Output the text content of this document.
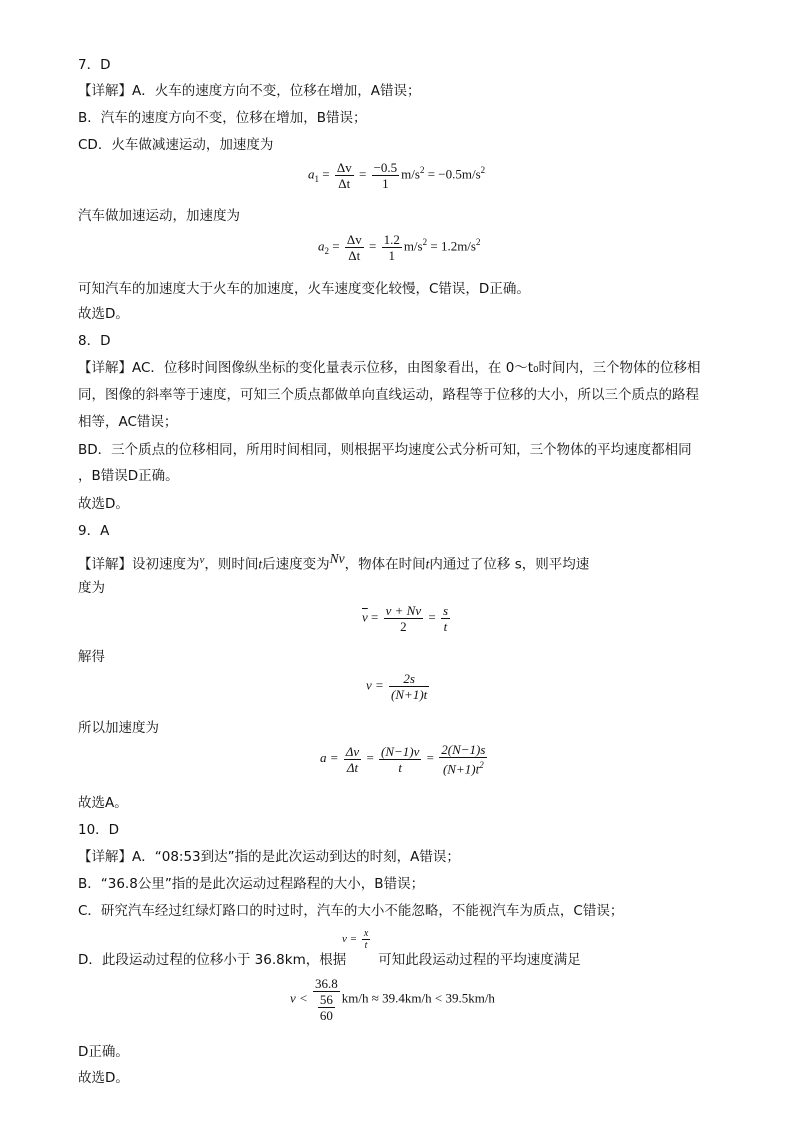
7．D
【详解】A．火车的速度方向不变，位移在增加，A错误；
B．汽车的速度方向不变，位移在增加，B错误；
CD．火车做减速运动，加速度为
$a_1 = \frac{\Delta v}{\Delta t} = \frac{-0.5}{1} m/s^2 = -0.5m/s^2$
汽车做加速运动，加速度为
$a_2 = \frac{\Delta v}{\Delta t} = \frac{1.2}{1} m/s^2 = 1.2m/s^2$
可知汽车的加速度大于火车的加速度，火车速度变化较慢，C错误，D正确。
故选D。
8．D
【详解】AC．位移时间图像纵坐标的变化量表示位移，由图象看出，在 0～t₀时间内，三个物体的位移相
同，图像的斜率等于速度，可知三个质点都做单向直线运动，路程等于位移的大小，所以三个质点的路程
相等，AC错误；
BD．三个质点的位移相同，所用时间相同，则根据平均速度公式分析可知，三个物体的平均速度都相同
，B错误D正确。
故选D。
9．A
【详解】设初速度为$^v$，则时间t后速度变为Nv，物体在时间t内通过了位移 s，则平均速
度为
$\overline{v} = \frac{v + Nv}{2} = \frac{s}{t}$
解得
$v = \frac{2s}{(N+1)t}$
所以加速度为
$a = \frac{\Delta v}{\Delta t} = \frac{(N-1)v}{t} = \frac{2(N-1)s}{(N+1)t^2}$
故选A。
10．D
【详解】A．“08:53到达”指的是此次运动到达的时刻，A错误；
B．“36.8公里”指的是此次运动过程路程的大小，B错误；
C．研究汽车经过红绿灯路口的时过时，汽车的大小不能忽略，不能视汽车为质点，C错误；
$v = \frac{x}{t}$
D．此段运动过程的位移小于 36.8km，根据 可知此段运动过程的平均速度满足
$v < \frac{36.8}{\frac{56}{60}} km/h \approx 39.4km/h < 39.5km/h$
D正确。
故选D。
